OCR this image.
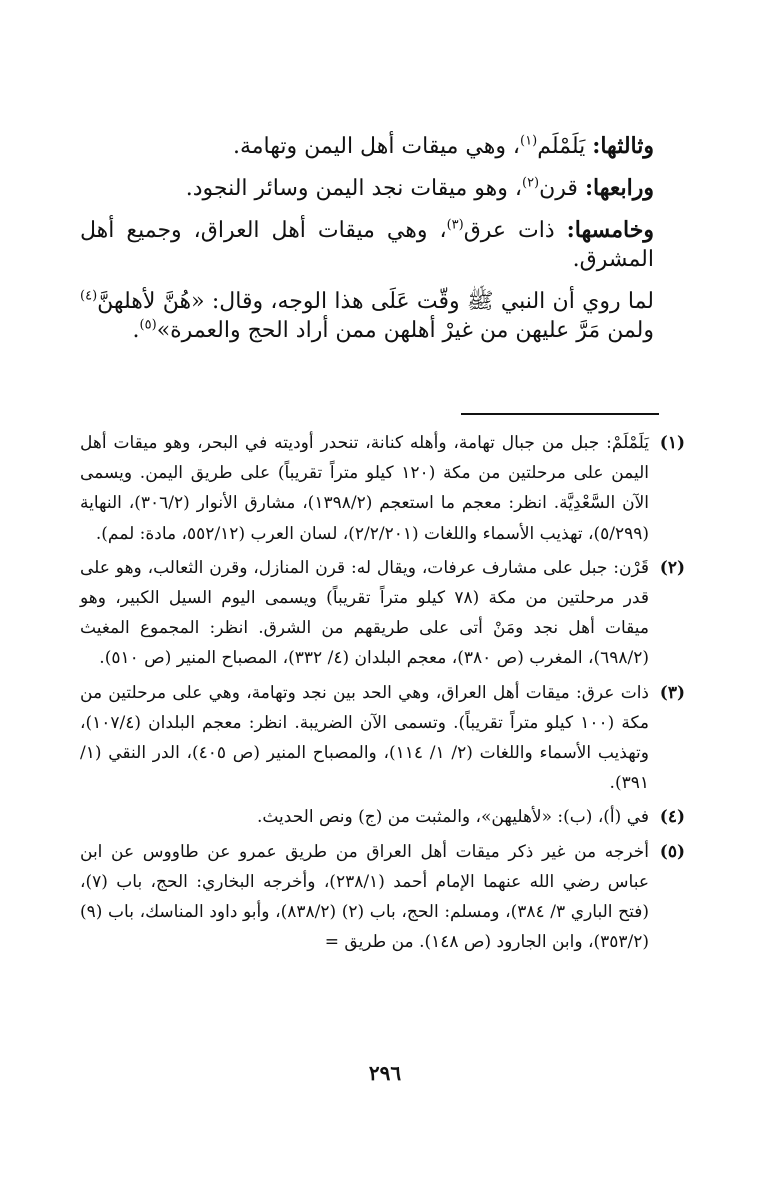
وثالثها: يَلَمْلَم$^{(١)}$، وهي ميقات أهل اليمن وتهامة.

ورابعها: قرن$^{(٢)}$، وهو ميقات نجد اليمن وسائر النجود.

وخامسها: ذات عرق$^{(٣)}$، وهي ميقات أهل العراق، وجميع أهل المشرق.

لما روي أن النبي ﷺ وقّت عَلَى هذا الوجه، وقال: «هُنَّ لأهلهنَّ$^{(٤)}$ ولمن مَرَّ عليهن من غيرْ أهلهن ممن أراد الحج والعمرة»$^{(٥)}$.

(١)
يَلَمْلَمْ: جبل من جبال تهامة، وأهله كنانة، تنحدر أوديته في البحر، وهو ميقات أهل اليمن على مرحلتين من مكة (١٢٠ كيلو متراً تقريباً) على طريق اليمن. ويسمى الآن السَّعْدِيَّة. انظر: معجم ما استعجم (١٣٩٨/٢)، مشارق الأنوار (٣٠٦/٢)، النهاية (٥/٢٩٩)، تهذيب الأسماء واللغات (٢/٢/٢٠١)، لسان العرب (٥٥٢/١٢، مادة: لمم).
(٢)
قَرْن: جبل على مشارف عرفات، ويقال له: قرن المنازل، وقرن الثعالب، وهو على قدر مرحلتين من مكة (٧٨ كيلو متراً تقريباً) ويسمى اليوم السيل الكبير، وهو ميقات أهل نجد ومَنْ أتى على طريقهم من الشرق. انظر: المجموع المغيث (٦٩٨/٢)، المغرب (ص ٣٨٠)، معجم البلدان (٤/ ٣٣٢)، المصباح المنير (ص ٥١٠).
(٣)
ذات عرق: ميقات أهل العراق، وهي الحد بين نجد وتهامة، وهي على مرحلتين من مكة (١٠٠ كيلو متراً تقريباً). وتسمى الآن الضريبة. انظر: معجم البلدان (١٠٧/٤)، وتهذيب الأسماء واللغات (٢/ ١/ ١١٤)، والمصباح المنير (ص ٤٠٥)، الدر النقي (١/ ٣٩١).
(٤)
في (أ)، (ب): «لأهليهن»، والمثبت من (ج) ونص الحديث.
(٥)
أخرجه من غير ذكر ميقات أهل العراق من طريق عمرو عن طاووس عن ابن عباس رضي الله عنهما الإمام أحمد (٢٣٨/١)، وأخرجه البخاري: الحج، باب (٧)، (فتح الباري ٣/ ٣٨٤)، ومسلم: الحج، باب (٢) (٨٣٨/٢)، وأبو داود المناسك، باب (٩) (٣٥٣/٢)، وابن الجارود (ص ١٤٨). من طريق =
٢٩٦
